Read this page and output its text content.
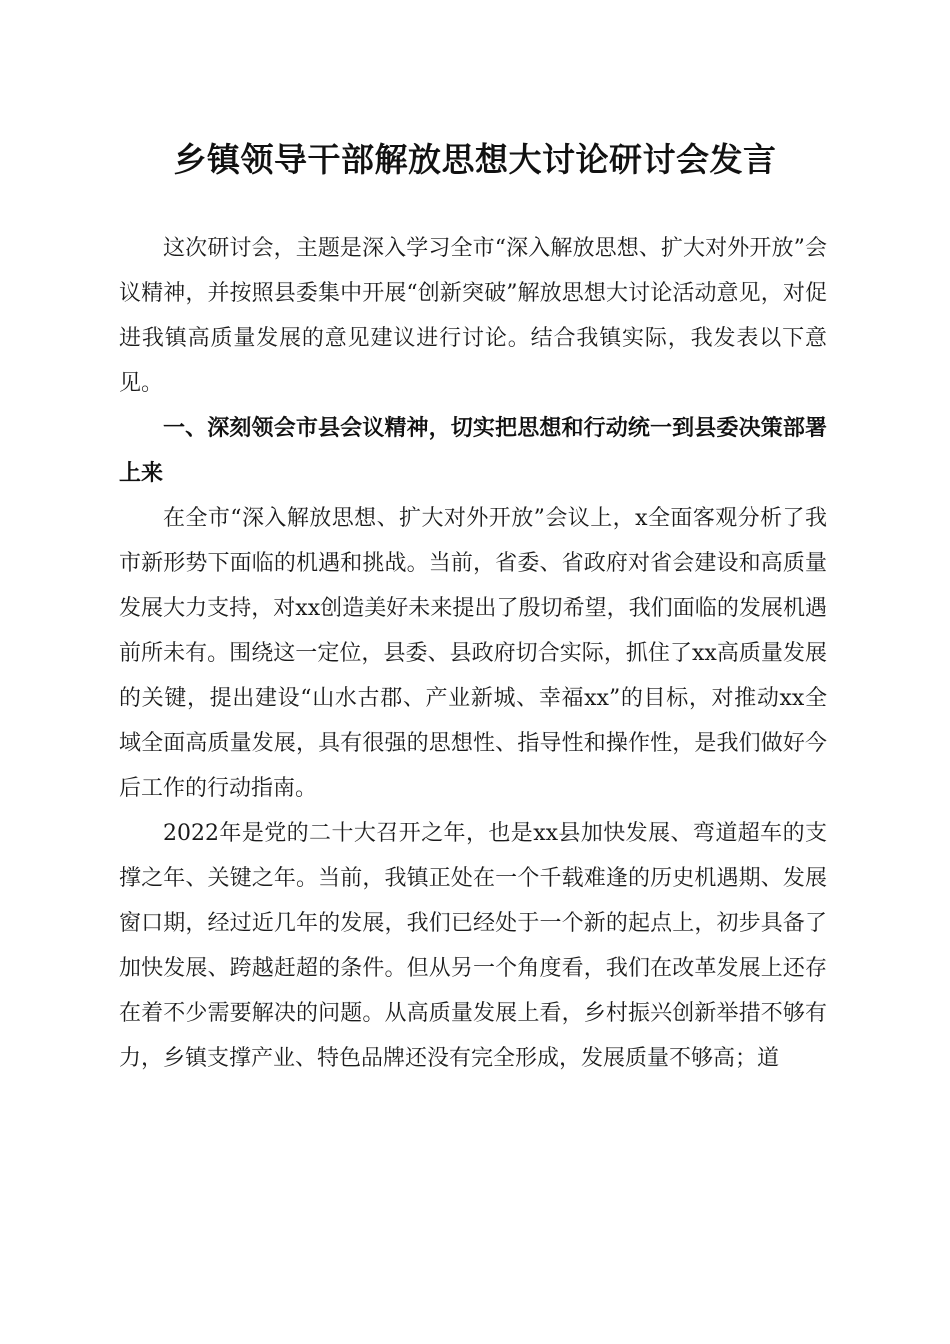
乡镇领导干部解放思想大讨论研讨会发言

这次研讨会，主题是深入学习全市“深入解放思想、扩大对外开放”会议精神，并按照县委集中开展“创新突破”解放思想大讨论活动意见，对促进我镇高质量发展的意见建议进行讨论。结合我镇实际，我发表以下意见。

一、深刻领会市县会议精神，切实把思想和行动统一到县委决策部署上来

在全市“深入解放思想、扩大对外开放”会议上，x全面客观分析了我市新形势下面临的机遇和挑战。当前，省委、省政府对省会建设和高质量发展大力支持，对xx创造美好未来提出了殷切希望，我们面临的发展机遇前所未有。围绕这一定位，县委、县政府切合实际，抓住了xx高质量发展的关键，提出建设“山水古郡、产业新城、幸福xx”的目标，对推动xx全域全面高质量发展，具有很强的思想性、指导性和操作性，是我们做好今后工作的行动指南。

2022年是党的二十大召开之年，也是xx县加快发展、弯道超车的支撑之年、关键之年。当前，我镇正处在一个千载难逢的历史机遇期、发展窗口期，经过近几年的发展，我们已经处于一个新的起点上，初步具备了加快发展、跨越赶超的条件。但从另一个角度看，我们在改革发展上还存在着不少需要解决的问题。从高质量发展上看，乡村振兴创新举措不够有力，乡镇支撑产业、特色品牌还没有完全形成，发展质量不够高；道
